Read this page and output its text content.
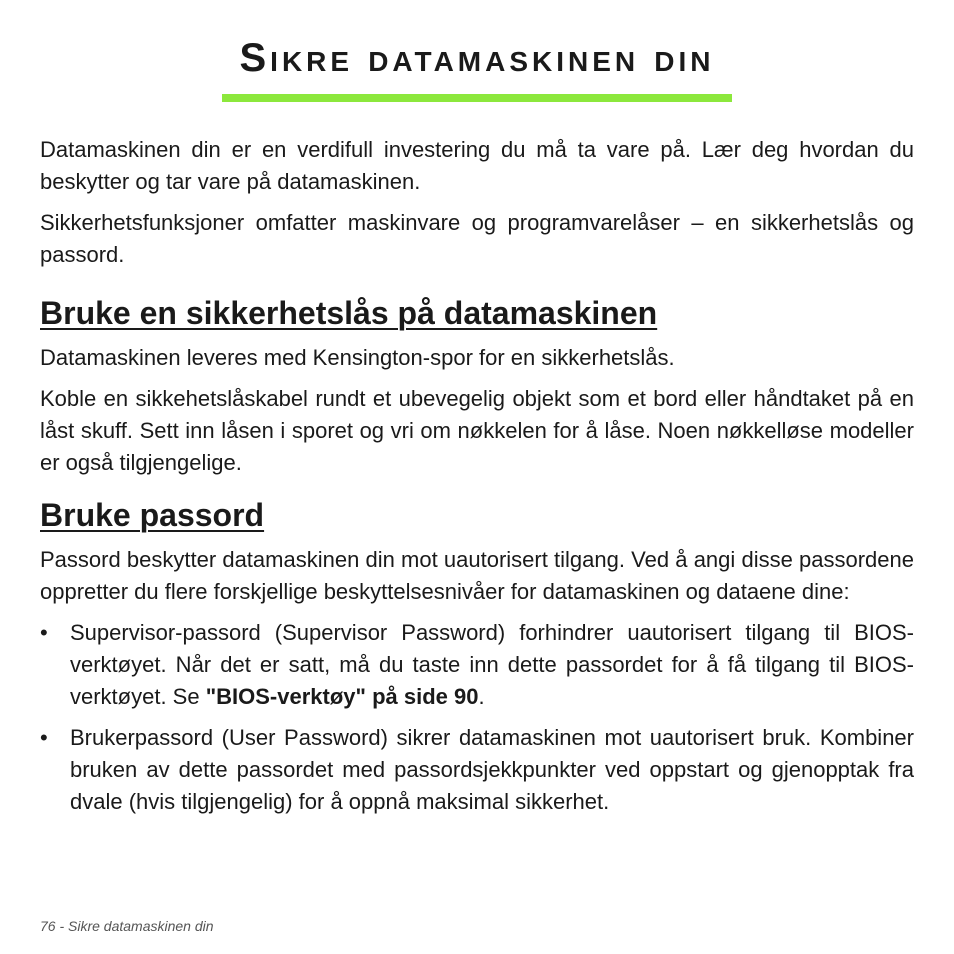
Sikre datamaskinen din

Datamaskinen din er en verdifull investering du må ta vare på. Lær deg hvordan du beskytter og tar vare på datamaskinen.

Sikkerhetsfunksjoner omfatter maskinvare og programvarelåser – en sikkerhetslås og passord.

Bruke en sikkerhetslås på datamaskinen

Datamaskinen leveres med Kensington-spor for en sikkerhetslås.

Koble en sikkehetslåskabel rundt et ubevegelig objekt som et bord eller håndtaket på en låst skuff. Sett inn låsen i sporet og vri om nøkkelen for å låse. Noen nøkkelløse modeller er også tilgjengelige.

Bruke passord

Passord beskytter datamaskinen din mot uautorisert tilgang. Ved å angi disse passordene oppretter du flere forskjellige beskyttelsesnivåer for datamaskinen og dataene dine:

• Supervisor-passord (Supervisor Password) forhindrer uautorisert tilgang til BIOS-verktøyet. Når det er satt, må du taste inn dette passordet for å få tilgang til BIOS-verktøyet. Se "BIOS-verktøy" på side 90.
• Brukerpassord (User Password) sikrer datamaskinen mot uautorisert bruk. Kombiner bruken av dette passordet med passordsjekkpunkter ved oppstart og gjenopptak fra dvale (hvis tilgjengelig) for å oppnå maksimal sikkerhet.
76 - Sikre datamaskinen din
